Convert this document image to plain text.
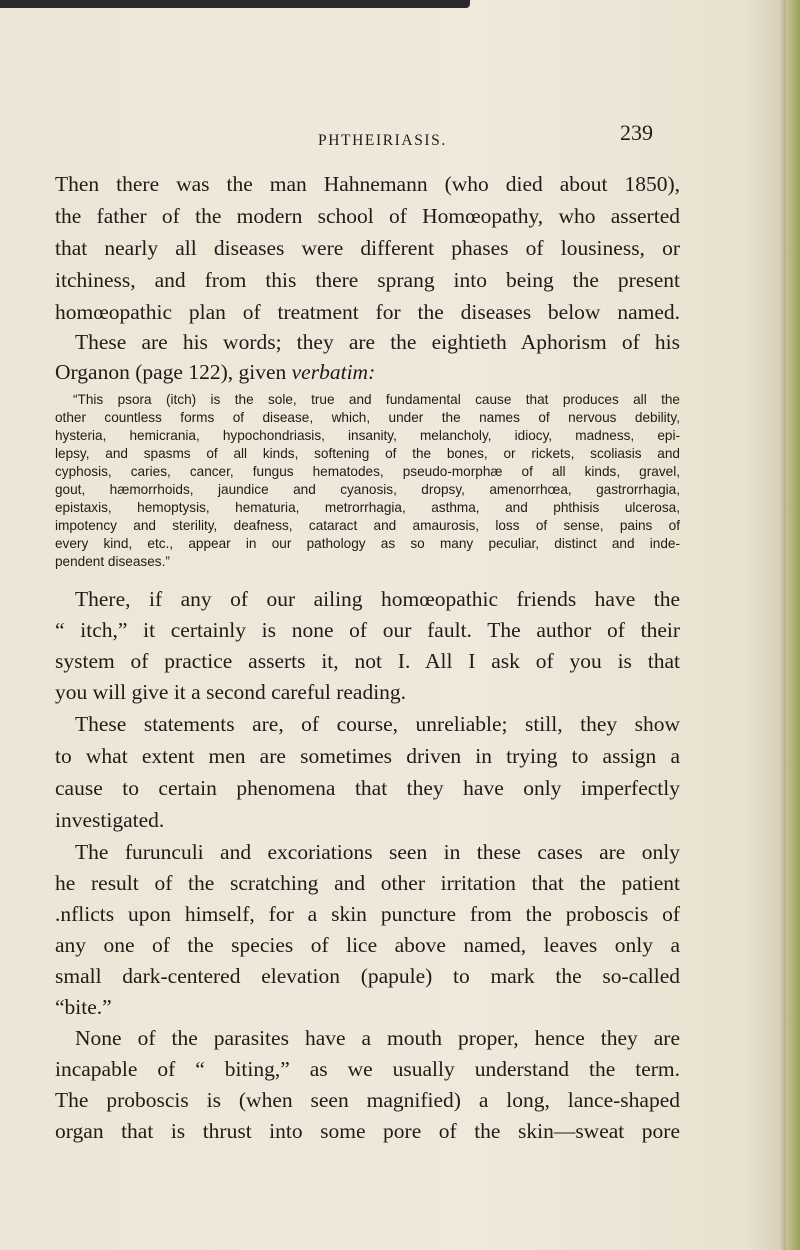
PHTHEIRIASIS.	239
Then there was the man Hahnemann (who died about 1850),
the father of the modern school of Homœopathy, who asserted
that nearly all diseases were different phases of lousiness, or
itchiness, and from this there sprang into being the present
homœopathic plan of treatment for the diseases below named.
These are his words; they are the eightieth Aphorism of his
Organon (page 122), given verbatim:
“This psora (itch) is the sole, true and fundamental cause that produces all the
other countless forms of disease, which, under the names of nervous debility,
hysteria, hemicrania, hypochondriasis, insanity, melancholy, idiocy, madness, epi-
lepsy, and spasms of all kinds, softening of the bones, or rickets, scoliasis and
cyphosis, caries, cancer, fungus hematodes, pseudo-morphæ of all kinds, gravel,
gout, hæmorrhoids, jaundice and cyanosis, dropsy, amenorrhœa, gastrorrhagia,
epistaxis, hemoptysis, hematuria, metrorrhagia, asthma, and phthisis ulcerosa,
impotency and sterility, deafness, cataract and amaurosis, loss of sense, pains of
every kind, etc., appear in our pathology as so many peculiar, distinct and inde-
pendent diseases.”
There, if any of our ailing homœopathic friends have the
“ itch,” it certainly is none of our fault. The author of their
system of practice asserts it, not I. All I ask of you is that
you will give it a second careful reading.
These statements are, of course, unreliable; still, they show
to what extent men are sometimes driven in trying to assign a
cause to certain phenomena that they have only imperfectly
investigated.
The furunculi and excoriations seen in these cases are only
he result of the scratching and other irritation that the patient
.nflicts upon himself, for a skin puncture from the proboscis of
any one of the species of lice above named, leaves only a
small dark-centered elevation (papule) to mark the so-called
“bite.”
None of the parasites have a mouth proper, hence they are
incapable of “ biting,” as we usually understand the term.
The proboscis is (when seen magnified) a long, lance-shaped
organ that is thrust into some pore of the skin—sweat pore
